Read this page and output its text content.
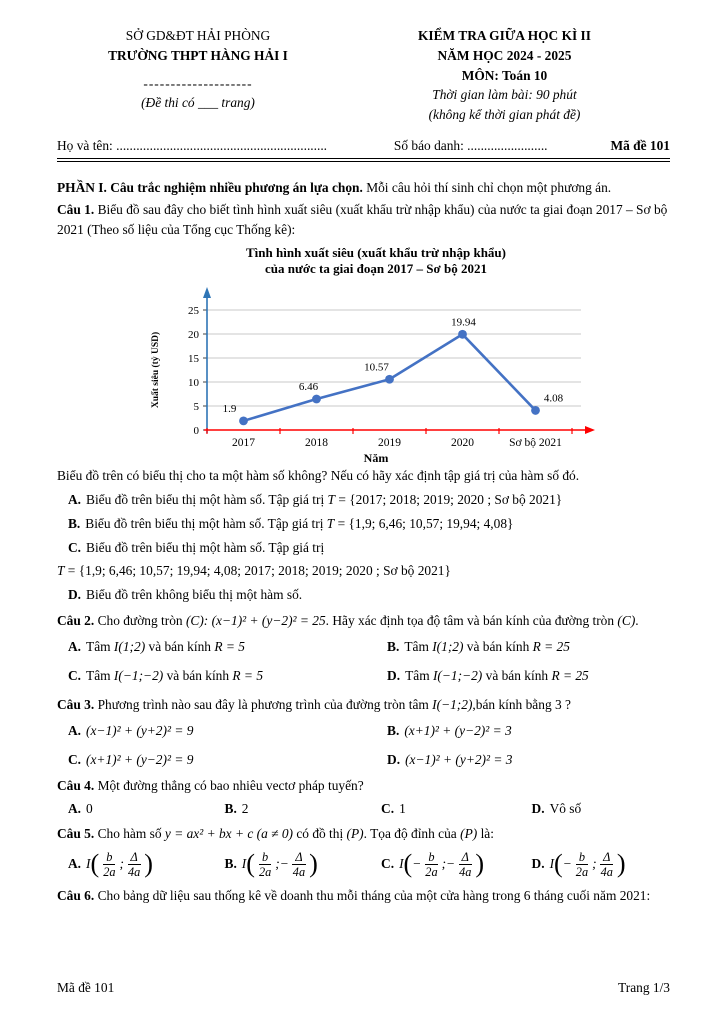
SỞ GD&ĐT HẢI PHÒNG
TRƯỜNG THPT HÀNG HẢI I
--------------------
(Đề thi có ___ trang)
KIỂM TRA GIỮA HỌC KÌ II
NĂM HỌC 2024 - 2025
MÔN: Toán 10
Thời gian làm bài: 90 phút
(không kể thời gian phát đề)
Họ và tên: ...............................................................	Số báo danh: ........................	Mã đề 101
PHẦN I. Câu trắc nghiệm nhiều phương án lựa chọn. Mỗi câu hỏi thí sinh chỉ chọn một phương án.
Câu 1. Biểu đồ sau đây cho biết tình hình xuất siêu (xuất khẩu trừ nhập khẩu) của nước ta giai đoạn 2017 – Sơ bộ 2021 (Theo số liệu của Tổng cục Thống kê):
Tình hình xuất siêu (xuất khẩu trừ nhập khẩu)
của nước ta giai đoạn 2017 – Sơ bộ 2021
0
5
10
15
20
25
1.9
2017
6.46
2018
10.57
2019
19.94
2020
4.08
Sơ bộ 2021
Xuất siêu (tỷ USD)
Năm
Biểu đồ trên có biểu thị cho ta một hàm số không? Nếu có hãy xác định tập giá trị của hàm số đó.
A. Biểu đồ trên biểu thị một hàm số. Tập giá trị T = {2017; 2018; 2019; 2020 ; Sơ bộ 2021}
B. Biểu đồ trên biểu thị một hàm số. Tập giá trị T = {1,9; 6,46; 10,57; 19,94; 4,08}
C. Biểu đồ trên biểu thị một hàm số. Tập giá trị
T = {1,9; 6,46; 10,57; 19,94; 4,08; 2017; 2018; 2019; 2020 ; Sơ bộ 2021}
D. Biểu đồ trên không biểu thị một hàm số.
Câu 2. Cho đường tròn (C): (x−1)² + (y−2)² = 25. Hãy xác định tọa độ tâm và bán kính của đường tròn (C).
A. Tâm I(1;2) và bán kính R = 5	B. Tâm I(1;2) và bán kính R = 25
C. Tâm I(−1;−2) và bán kính R = 5	D. Tâm I(−1;−2) và bán kính R = 25
Câu 3. Phương trình nào sau đây là phương trình của đường tròn tâm I(−1;2),bán kính bằng 3 ?
A. (x−1)² + (y+2)² = 9	B. (x+1)² + (y−2)² = 3
C. (x+1)² + (y−2)² = 9	D. (x−1)² + (y+2)² = 3
Câu 4. Một đường thẳng có bao nhiêu vectơ pháp tuyến?
A. 0	B. 2	C. 1	D. Vô số
Câu 5. Cho hàm số y = ax² + bx + c (a ≠ 0) có đồ thị (P). Tọa độ đỉnh của (P) là:
A. $I( \frac{b}{2a}$ ; $\frac{\Delta}{4a}$ )	B. $I( \frac{b}{2a}$ ;− $\frac{\Delta}{4a}$ )	C. $I(- \frac{b}{2a}$ ;− $\frac{\Delta}{4a}$ )	D. $I(- \frac{b}{2a}$ ; $\frac{\Delta}{4a}$ )
Câu 6. Cho bảng dữ liệu sau thống kê về doanh thu mỗi tháng của một cửa hàng trong 6 tháng cuối năm 2021:
Mã đề 101	Trang 1/3
